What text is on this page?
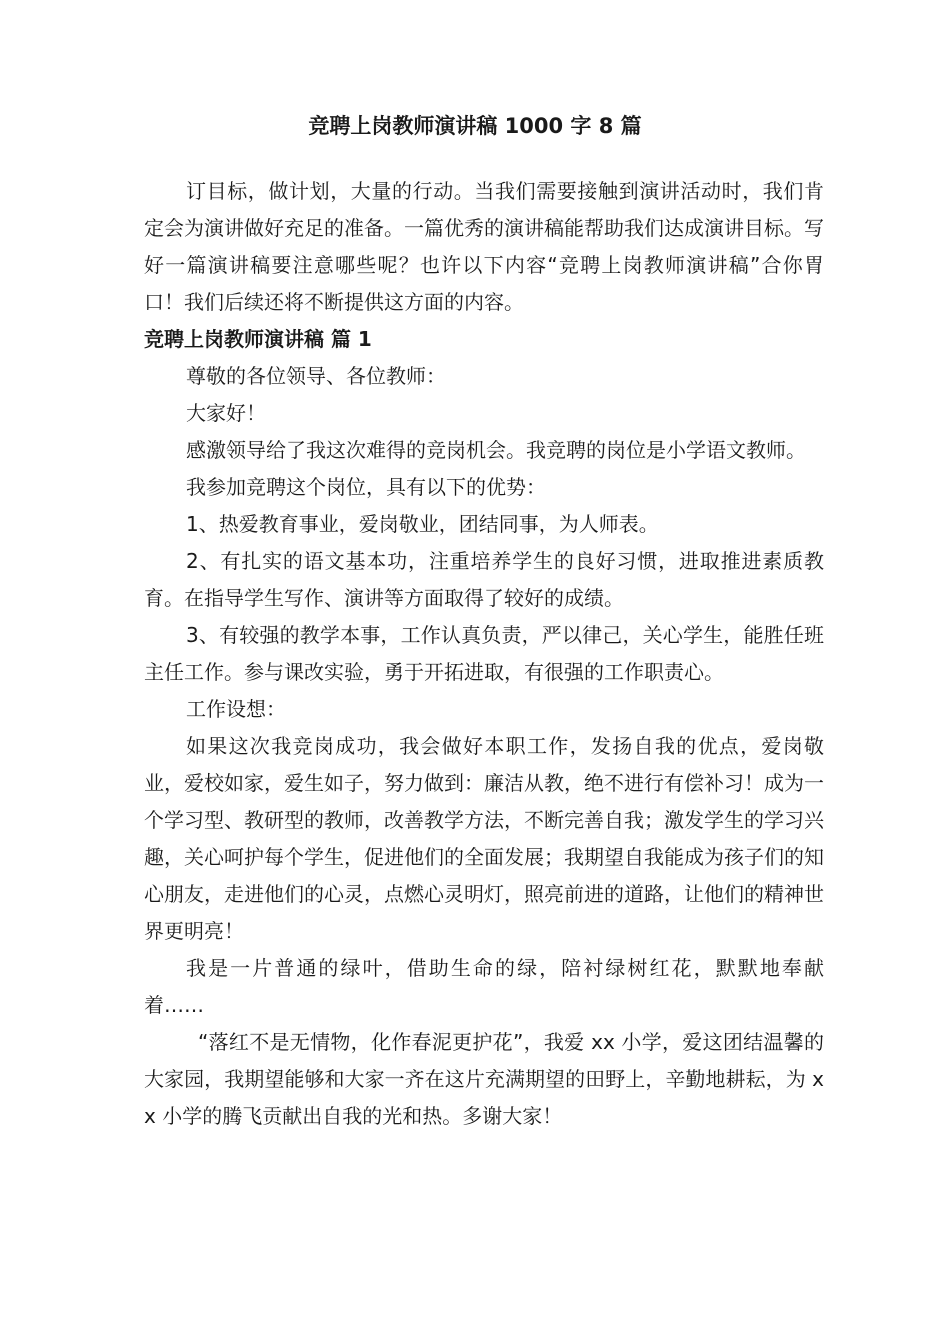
竞聘上岗教师演讲稿 1000 字 8 篇

订目标，做计划，大量的行动。当我们需要接触到演讲活动时，我们肯定会为演讲做好充足的准备。一篇优秀的演讲稿能帮助我们达成演讲目标。写好一篇演讲稿要注意哪些呢？也许以下内容“竞聘上岗教师演讲稿”合你胃口！我们后续还将不断提供这方面的内容。

竞聘上岗教师演讲稿 篇 1

尊敬的各位领导、各位教师：

大家好！

感激领导给了我这次难得的竞岗机会。我竞聘的岗位是小学语文教师。

我参加竞聘这个岗位，具有以下的优势：

1、热爱教育事业，爱岗敬业，团结同事，为人师表。

2、有扎实的语文基本功，注重培养学生的良好习惯，进取推进素质教育。在指导学生写作、演讲等方面取得了较好的成绩。

3、有较强的教学本事，工作认真负责，严以律己，关心学生，能胜任班主任工作。参与课改实验，勇于开拓进取，有很强的工作职责心。

工作设想：

如果这次我竞岗成功，我会做好本职工作，发扬自我的优点，爱岗敬业，爱校如家，爱生如子，努力做到：廉洁从教，绝不进行有偿补习！成为一个学习型、教研型的教师，改善教学方法，不断完善自我；激发学生的学习兴趣，关心呵护每个学生，促进他们的全面发展；我期望自我能成为孩子们的知心朋友，走进他们的心灵，点燃心灵明灯，照亮前进的道路，让他们的精神世界更明亮！

我是一片普通的绿叶，借助生命的绿，陪衬绿树红花，默默地奉献着……

“落红不是无情物，化作春泥更护花”，我爱 xx 小学，爱这团结温馨的大家园，我期望能够和大家一齐在这片充满期望的田野上，辛勤地耕耘，为 xx 小学的腾飞贡献出自我的光和热。多谢大家！
